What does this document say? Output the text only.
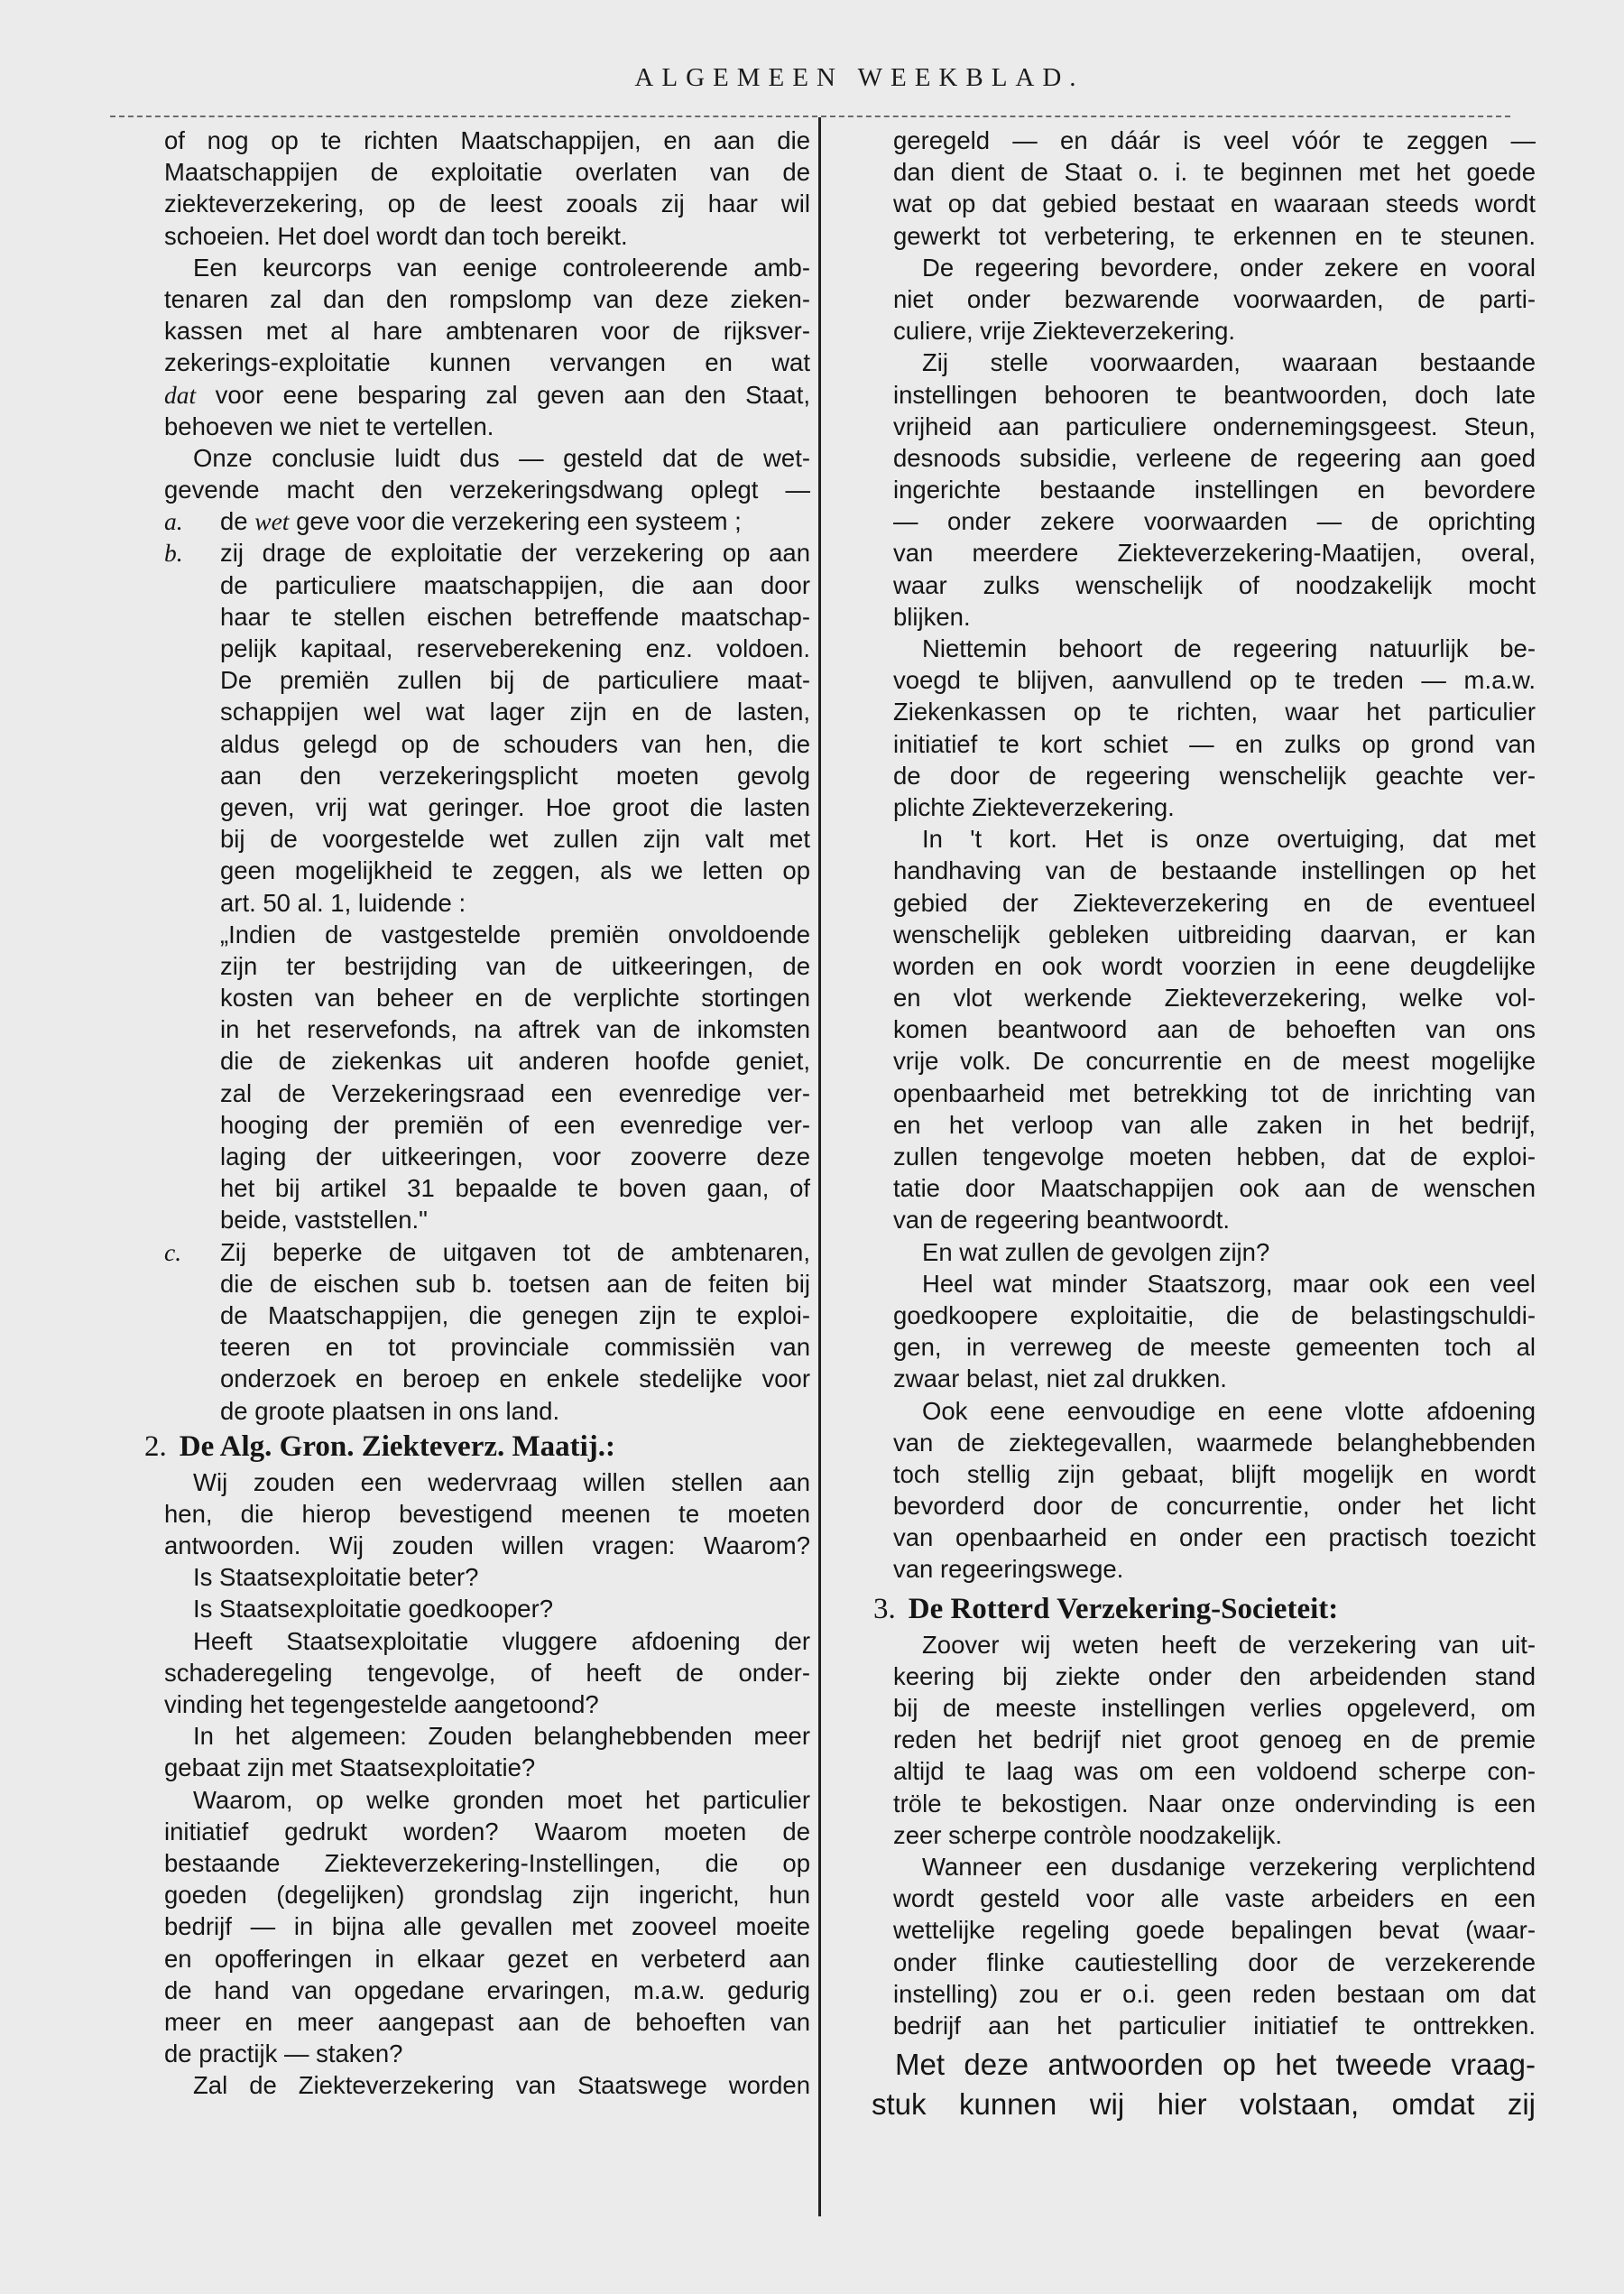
ALGEMEEN WEEKBLAD.
of nog op te richten Maatschappijen, en aan die
Maatschappijen de exploitatie overlaten van de
ziekteverzekering, op de leest zooals zij haar wil
schoeien. Het doel wordt dan toch bereikt.
Een keurcorps van eenige controleerende amb-
tenaren zal dan den rompslomp van deze zieken-
kassen met al hare ambtenaren voor de rijksver-
zekerings-exploitatie kunnen vervangen en wat
dat voor eene besparing zal geven aan den Staat,
behoeven we niet te vertellen.
Onze conclusie luidt dus — gesteld dat de wet-
gevende macht den verzekeringsdwang oplegt —
a. de wet geve voor die verzekering een systeem ;
b. zij drage de exploitatie der verzekering op aan
de particuliere maatschappijen, die aan door
haar te stellen eischen betreffende maatschap-
pelijk kapitaal, reserveberekening enz. voldoen.
De premiën zullen bij de particuliere maat-
schappijen wel wat lager zijn en de lasten,
aldus gelegd op de schouders van hen, die
aan den verzekeringsplicht moeten gevolg
geven, vrij wat geringer. Hoe groot die lasten
bij de voorgestelde wet zullen zijn valt met
geen mogelijkheid te zeggen, als we letten op
art. 50 al. 1, luidende :
„Indien de vastgestelde premiën onvoldoende
zijn ter bestrijding van de uitkeeringen, de
kosten van beheer en de verplichte stortingen
in het reservefonds, na aftrek van de inkomsten
die de ziekenkas uit anderen hoofde geniet,
zal de Verzekeringsraad een evenredige ver-
hooging der premiën of een evenredige ver-
laging der uitkeeringen, voor zooverre deze
het bij artikel 31 bepaalde te boven gaan, of
beide, vaststellen."
c. Zij beperke de uitgaven tot de ambtenaren,
die de eischen sub b. toetsen aan de feiten bij
de Maatschappijen, die genegen zijn te exploi-
teeren en tot provinciale commissiën van
onderzoek en beroep en enkele stedelijke voor
de groote plaatsen in ons land.
2. De Alg. Gron. Ziekteverz. Maatij.:
Wij zouden een wedervraag willen stellen aan
hen, die hierop bevestigend meenen te moeten
antwoorden. Wij zouden willen vragen: Waarom?
Is Staatsexploitatie beter?
Is Staatsexploitatie goedkooper?
Heeft Staatsexploitatie vluggere afdoening der
schaderegeling tengevolge, of heeft de onder-
vinding het tegengestelde aangetoond?
In het algemeen: Zouden belanghebbenden meer
gebaat zijn met Staatsexploitatie?
Waarom, op welke gronden moet het particulier
initiatief gedrukt worden? Waarom moeten de
bestaande Ziekteverzekering-Instellingen, die op
goeden (degelijken) grondslag zijn ingericht, hun
bedrijf — in bijna alle gevallen met zooveel moeite
en opofferingen in elkaar gezet en verbeterd aan
de hand van opgedane ervaringen, m.a.w. gedurig
meer en meer aangepast aan de behoeften van
de practijk — staken?
Zal de Ziekteverzekering van Staatswege worden
geregeld — en dáár is veel vóór te zeggen —
dan dient de Staat o. i. te beginnen met het goede
wat op dat gebied bestaat en waaraan steeds wordt
gewerkt tot verbetering, te erkennen en te steunen.
De regeering bevordere, onder zekere en vooral
niet onder bezwarende voorwaarden, de parti-
culiere, vrije Ziekteverzekering.
Zij stelle voorwaarden, waaraan bestaande
instellingen behooren te beantwoorden, doch late
vrijheid aan particuliere ondernemingsgeest. Steun,
desnoods subsidie, verleene de regeering aan goed
ingerichte bestaande instellingen en bevordere
— onder zekere voorwaarden — de oprichting
van meerdere Ziekteverzekering-Maatijen, overal,
waar zulks wenschelijk of noodzakelijk mocht
blijken.
Niettemin behoort de regeering natuurlijk be-
voegd te blijven, aanvullend op te treden — m.a.w.
Ziekenkassen op te richten, waar het particulier
initiatief te kort schiet — en zulks op grond van
de door de regeering wenschelijk geachte ver-
plichte Ziekteverzekering.
In 't kort. Het is onze overtuiging, dat met
handhaving van de bestaande instellingen op het
gebied der Ziekteverzekering en de eventueel
wenschelijk gebleken uitbreiding daarvan, er kan
worden en ook wordt voorzien in eene deugdelijke
en vlot werkende Ziekteverzekering, welke vol-
komen beantwoord aan de behoeften van ons
vrije volk. De concurrentie en de meest mogelijke
openbaarheid met betrekking tot de inrichting van
en het verloop van alle zaken in het bedrijf,
zullen tengevolge moeten hebben, dat de exploi-
tatie door Maatschappijen ook aan de wenschen
van de regeering beantwoordt.
En wat zullen de gevolgen zijn?
Heel wat minder Staatszorg, maar ook een veel
goedkoopere exploitaitie, die de belastingschuldi-
gen, in verreweg de meeste gemeenten toch al
zwaar belast, niet zal drukken.
Ook eene eenvoudige en eene vlotte afdoening
van de ziektegevallen, waarmede belanghebbenden
toch stellig zijn gebaat, blijft mogelijk en wordt
bevorderd door de concurrentie, onder het licht
van openbaarheid en onder een practisch toezicht
van regeeringswege.
3. De Rotterd Verzekering-Societeit:
Zoover wij weten heeft de verzekering van uit-
keering bij ziekte onder den arbeidenden stand
bij de meeste instellingen verlies opgeleverd, om
reden het bedrijf niet groot genoeg en de premie
altijd te laag was om een voldoend scherpe con-
tröle te bekostigen. Naar onze ondervinding is een
zeer scherpe contròle noodzakelijk.
Wanneer een dusdanige verzekering verplichtend
wordt gesteld voor alle vaste arbeiders en een
wettelijke regeling goede bepalingen bevat (waar-
onder flinke cautiestelling door de verzekerende
instelling) zou er o.i. geen reden bestaan om dat
bedrijf aan het particulier initiatief te onttrekken.
Met deze antwoorden op het tweede vraag-
stuk kunnen wij hier volstaan, omdat zij
